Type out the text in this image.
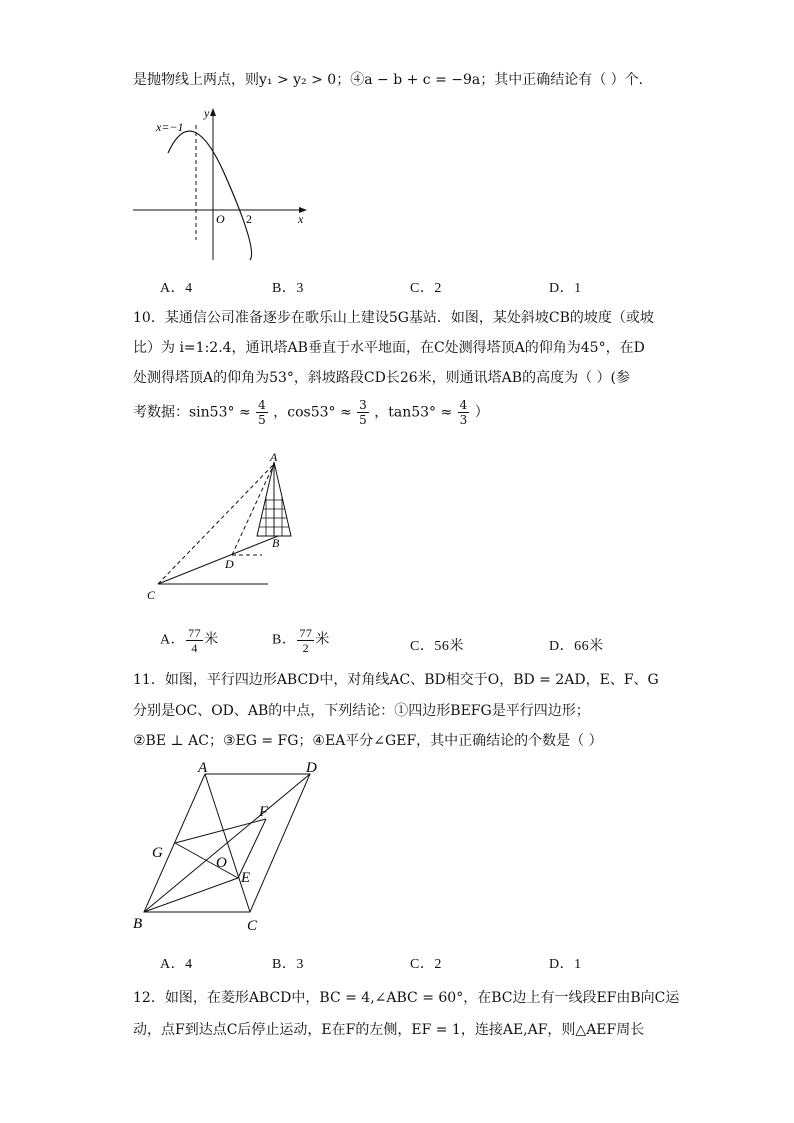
是抛物线上两点，则y₁ > y₂ > 0；④a − b + c = −9a；其中正确结论有（ ）个．
x=−1
y
x
O 2
A．4	B．3	C．2	D．1
10．某通信公司准备逐步在歌乐山上建设5G基站．如图，某处斜坡CB的坡度（或坡
比）为 i=1:2.4，通讯塔AB垂直于水平地面，在C处测得塔顶A的仰角为45°，在D
处测得塔顶A的仰角为53°，斜坡路段CD长26米，则通讯塔AB的高度为（ ）(参
考数据：$\sin 53^\circ \approx \frac{4}{5}$ ，$\cos 53^\circ \approx \frac{3}{5}$ ，$\tan 53^\circ \approx \frac{4}{3}$ ）
A
B
C
D
A． $\frac{77}{4}$ 米	B． $\frac{77}{2}$ 米	C．56米	D．66米
11．如图，平行四边形ABCD中，对角线AC、BD相交于O，BD = 2AD，E、F、G
分别是OC、OD、AB的中点，下列结论：①四边形BEFG是平行四边形；
②BE ⊥ AC；③EG = FG；④EA平分∠GEF，其中正确结论的个数是（ ）
A	D
B	C
E
F
G
O
A．4	B．3	C．2	D．1
12．如图，在菱形ABCD中，BC = 4,∠ABC = 60°，在BC边上有一线段EF由B向C运
动，点F到达点C后停止运动，E在F的左侧，EF = 1，连接AE,AF，则△AEF周长
